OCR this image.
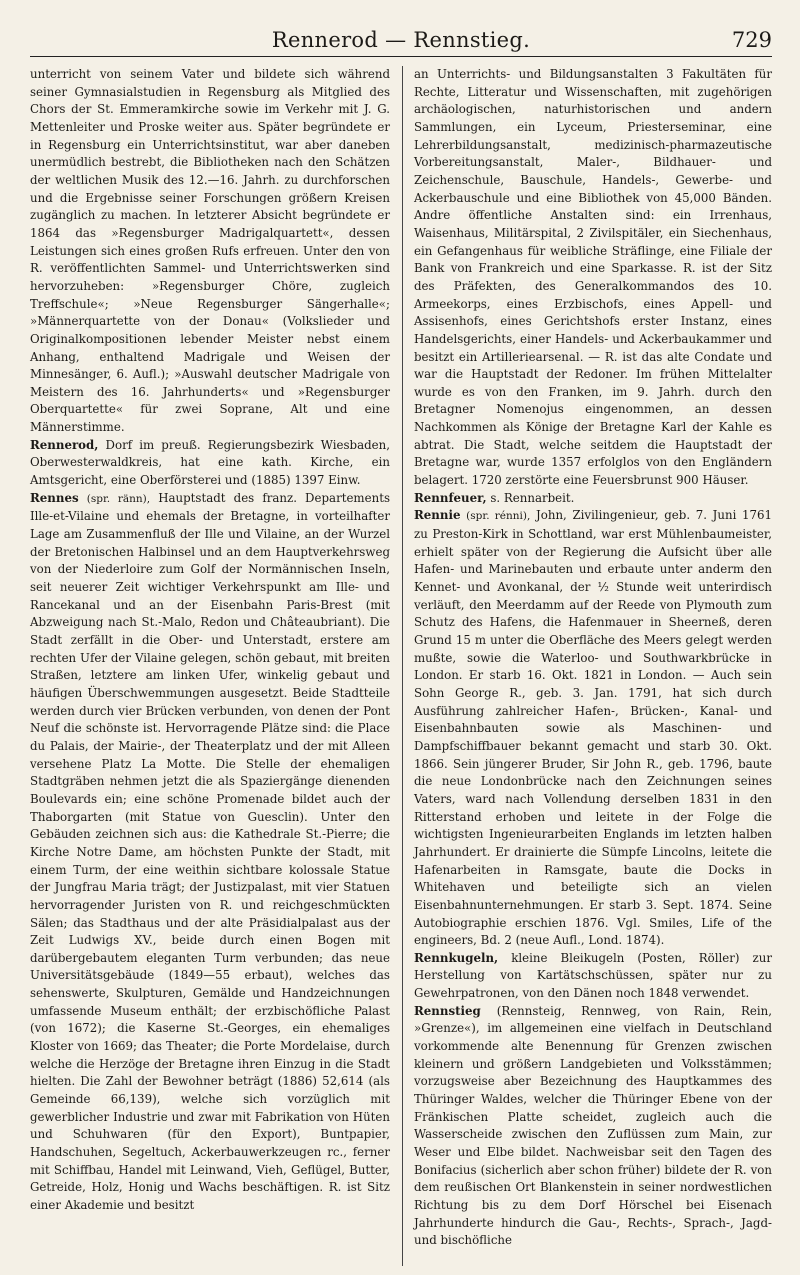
Rennerod — Rennstieg.	729

unterricht von seinem Vater und bildete sich während seiner Gymnasialstudien in Regensburg als Mitglied des Chors der St. Emmeramkirche sowie im Verkehr mit J. G. Mettenleiter und Proske weiter aus. Später begründete er in Regensburg ein Unterrichtsinstitut, war aber daneben unermüdlich bestrebt, die Bibliotheken nach den Schätzen der weltlichen Musik des 12.—16. Jahrh. zu durchforschen und die Ergebnisse seiner Forschungen größern Kreisen zugänglich zu machen. In letzterer Absicht begründete er 1864 das »Regensburger Madrigalquartett«, dessen Leistungen sich eines großen Rufs erfreuen. Unter den von R. veröffentlichten Sammel- und Unterrichtswerken sind hervorzuheben: »Regensburger Chöre, zugleich Treffschule«; »Neue Regensburger Sängerhalle«; »Männerquartette von der Donau« (Volkslieder und Originalkompositionen lebender Meister nebst einem Anhang, enthaltend Madrigale und Weisen der Minnesänger, 6. Aufl.); »Auswahl deutscher Madrigale von Meistern des 16. Jahrhunderts« und »Regensburger Oberquartette« für zwei Soprane, Alt und eine Männerstimme.

Rennerod, Dorf im preuß. Regierungsbezirk Wiesbaden, Oberwesterwaldkreis, hat eine kath. Kirche, ein Amtsgericht, eine Oberförsterei und (1885) 1397 Einw.

Rennes (spr. ränn), Hauptstadt des franz. Departements Ille-et-Vilaine und ehemals der Bretagne, in vorteilhafter Lage am Zusammenfluß der Ille und Vilaine, an der Wurzel der Bretonischen Halbinsel und an dem Hauptverkehrsweg von der Niederloire zum Golf der Normännischen Inseln, seit neuerer Zeit wichtiger Verkehrspunkt am Ille- und Rancekanal und an der Eisenbahn Paris-Brest (mit Abzweigung nach St.-Malo, Redon und Châteaubriant). Die Stadt zerfällt in die Ober- und Unterstadt, erstere am rechten Ufer der Vilaine gelegen, schön gebaut, mit breiten Straßen, letztere am linken Ufer, winkelig gebaut und häufigen Überschwemmungen ausgesetzt. Beide Stadtteile werden durch vier Brücken verbunden, von denen der Pont Neuf die schönste ist. Hervorragende Plätze sind: die Place du Palais, der Mairie-, der Theaterplatz und der mit Alleen versehene Platz La Motte. Die Stelle der ehemaligen Stadtgräben nehmen jetzt die als Spaziergänge dienenden Boulevards ein; eine schöne Promenade bildet auch der Thaborgarten (mit Statue von Guesclin). Unter den Gebäuden zeichnen sich aus: die Kathedrale St.-Pierre; die Kirche Notre Dame, am höchsten Punkte der Stadt, mit einem Turm, der eine weithin sichtbare kolossale Statue der Jungfrau Maria trägt; der Justizpalast, mit vier Statuen hervorragender Juristen von R. und reichgeschmückten Sälen; das Stadthaus und der alte Präsidialpalast aus der Zeit Ludwigs XV., beide durch einen Bogen mit darübergebautem eleganten Turm verbunden; das neue Universitätsgebäude (1849—55 erbaut), welches das sehenswerte, Skulpturen, Gemälde und Handzeichnungen umfassende Museum enthält; der erzbischöfliche Palast (von 1672); die Kaserne St.-Georges, ein ehemaliges Kloster von 1669; das Theater; die Porte Mordelaise, durch welche die Herzöge der Bretagne ihren Einzug in die Stadt hielten. Die Zahl der Bewohner beträgt (1886) 52,614 (als Gemeinde 66,139), welche sich vorzüglich mit gewerblicher Industrie und zwar mit Fabrikation von Hüten und Schuhwaren (für den Export), Buntpapier, Handschuhen, Segeltuch, Ackerbauwerkzeugen rc., ferner mit Schiffbau, Handel mit Leinwand, Vieh, Geflügel, Butter, Getreide, Holz, Honig und Wachs beschäftigen. R. ist Sitz einer Akademie und besitzt

an Unterrichts- und Bildungsanstalten 3 Fakultäten für Rechte, Litteratur und Wissenschaften, mit zugehörigen archäologischen, naturhistorischen und andern Sammlungen, ein Lyceum, Priesterseminar, eine Lehrerbildungsanstalt, medizinisch-pharmazeutische Vorbereitungsanstalt, Maler-, Bildhauer- und Zeichenschule, Bauschule, Handels-, Gewerbe- und Ackerbauschule und eine Bibliothek von 45,000 Bänden. Andre öffentliche Anstalten sind: ein Irrenhaus, Waisenhaus, Militärspital, 2 Zivilspitäler, ein Siechenhaus, ein Gefangenhaus für weibliche Sträflinge, eine Filiale der Bank von Frankreich und eine Sparkasse. R. ist der Sitz des Präfekten, des Generalkommandos des 10. Armeekorps, eines Erzbischofs, eines Appell- und Assisenhofs, eines Gerichtshofs erster Instanz, eines Handelsgerichts, einer Handels- und Ackerbaukammer und besitzt ein Artilleriearsenal. — R. ist das alte Condate und war die Hauptstadt der Redoner. Im frühen Mittelalter wurde es von den Franken, im 9. Jahrh. durch den Bretagner Nomenojus eingenommen, an dessen Nachkommen als Könige der Bretagne Karl der Kahle es abtrat. Die Stadt, welche seitdem die Hauptstadt der Bretagne war, wurde 1357 erfolglos von den Engländern belagert. 1720 zerstörte eine Feuersbrunst 900 Häuser.

Rennfeuer, s. Rennarbeit.

Rennie (spr. rénni), John, Zivilingenieur, geb. 7. Juni 1761 zu Preston-Kirk in Schottland, war erst Mühlenbaumeister, erhielt später von der Regierung die Aufsicht über alle Hafen- und Marinebauten und erbaute unter anderm den Kennet- und Avonkanal, der ½ Stunde weit unterirdisch verläuft, den Meerdamm auf der Reede von Plymouth zum Schutz des Hafens, die Hafenmauer in Sheerneß, deren Grund 15 m unter die Oberfläche des Meers gelegt werden mußte, sowie die Waterloo- und Southwarkbrücke in London. Er starb 16. Okt. 1821 in London. — Auch sein Sohn George R., geb. 3. Jan. 1791, hat sich durch Ausführung zahlreicher Hafen-, Brücken-, Kanal- und Eisenbahnbauten sowie als Maschinen- und Dampfschiffbauer bekannt gemacht und starb 30. Okt. 1866. Sein jüngerer Bruder, Sir John R., geb. 1796, baute die neue Londonbrücke nach den Zeichnungen seines Vaters, ward nach Vollendung derselben 1831 in den Ritterstand erhoben und leitete in der Folge die wichtigsten Ingenieurarbeiten Englands im letzten halben Jahrhundert. Er drainierte die Sümpfe Lincolns, leitete die Hafenarbeiten in Ramsgate, baute die Docks in Whitehaven und beteiligte sich an vielen Eisenbahnunternehmungen. Er starb 3. Sept. 1874. Seine Autobiographie erschien 1876. Vgl. Smiles, Life of the engineers, Bd. 2 (neue Aufl., Lond. 1874).

Rennkugeln, kleine Bleikugeln (Posten, Röller) zur Herstellung von Kartätschschüssen, später nur zu Gewehrpatronen, von den Dänen noch 1848 verwendet.

Rennstieg (Rennsteig, Rennweg, von Rain, Rein, »Grenze«), im allgemeinen eine vielfach in Deutschland vorkommende alte Benennung für Grenzen zwischen kleinern und größern Landgebieten und Volksstämmen; vorzugsweise aber Bezeichnung des Hauptkammes des Thüringer Waldes, welcher die Thüringer Ebene von der Fränkischen Platte scheidet, zugleich auch die Wasserscheide zwischen den Zuflüssen zum Main, zur Weser und Elbe bildet. Nachweisbar seit den Tagen des Bonifacius (sicherlich aber schon früher) bildete der R. von dem reußischen Ort Blankenstein in seiner nordwestlichen Richtung bis zu dem Dorf Hörschel bei Eisenach Jahrhunderte hindurch die Gau-, Rechts-, Sprach-, Jagd- und bischöfliche
